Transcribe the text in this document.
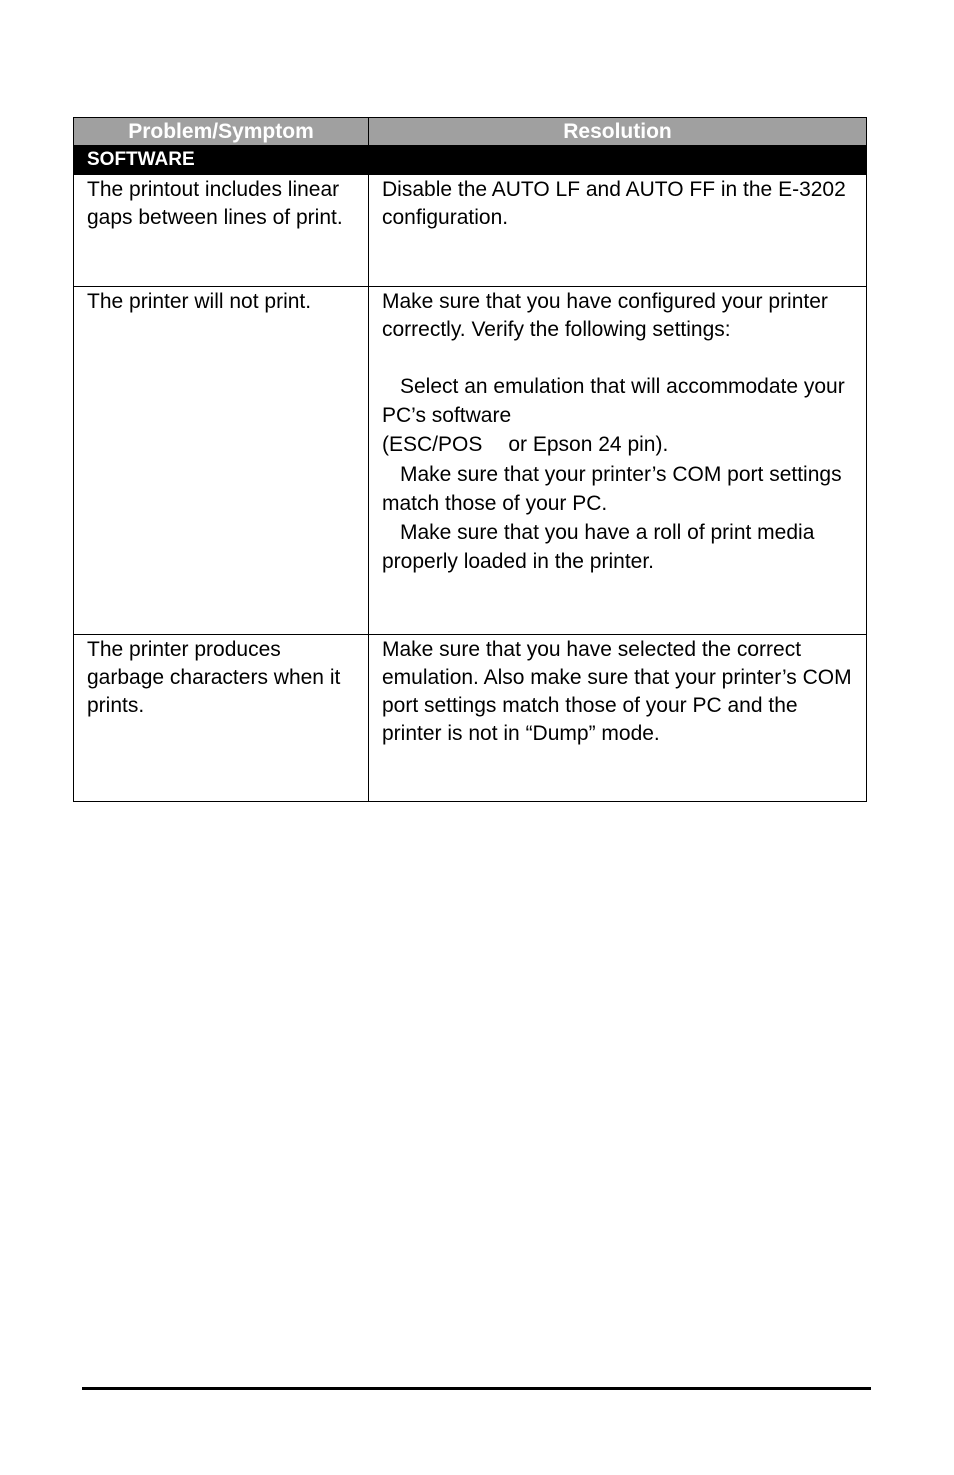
Problem/Symptom	Resolution
SOFTWARE	

The printout includes linear gaps between lines of print.	Disable the AUTO LF and AUTO FF in the E-3202 configuration.

The printer will not print.	Make sure that you have configured your printer correctly. Verify the following settings:
Select an emulation that will accommodate your PC’s software
(ESC/POS or Epson 24 pin).
Make sure that your printer’s COM port settings match those of your PC.
Make sure that you have a roll of print media properly loaded in the printer.

The printer produces garbage characters when it prints.	Make sure that you have selected the correct emulation. Also make sure that your printer’s COM port settings match those of your PC and the printer is not in “Dump” mode.
